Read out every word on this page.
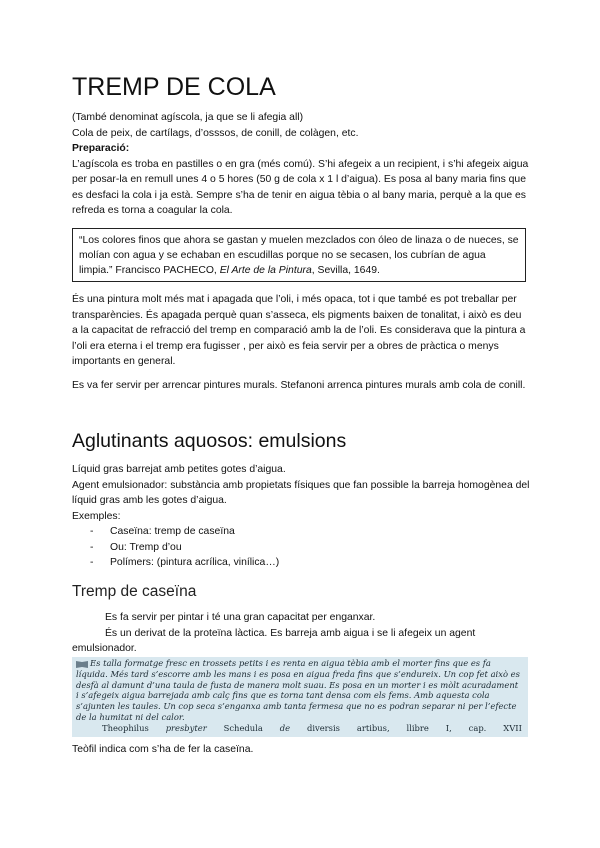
TREMP DE COLA

(També denominat agíscola, ja que se li afegia all)

Cola de peix, de cartílags, d’osssos, de conill, de colàgen, etc.

Preparació:

L’agíscola es troba en pastilles o en gra (més comú). S’hi afegeix a un recipient, i s’hi afegeix aigua per posar-la en remull unes 4 o 5 hores (50 g de cola x 1 l d’aigua). Es posa al bany maria fins que es desfaci la cola i ja està. Sempre s’ha de tenir en aigua tèbia o al bany maria, perquè a la que es refreda es torna a coagular la cola.

“Los colores finos que ahora se gastan y muelen mezclados con óleo de linaza o de nueces, se molían con agua y se echaban en escudillas porque no se secasen, los cubrían de agua limpia.” Francisco PACHECO, El Arte de la Pintura, Sevilla, 1649.

És una pintura molt més mat i apagada que l’oli, i més opaca, tot i que també es pot treballar per transparències. És apagada perquè quan s’asseca, els pigments baixen de tonalitat, i això es deu a la capacitat de refracció del tremp en comparació amb la de l’oli. Es considerava que la pintura a l’oli era eterna i el tremp era fugisser , per això es feia servir per a obres de pràctica o menys importants en general.

Es va fer servir per arrencar pintures murals. Stefanoni arrenca pintures murals amb cola de conill.

Aglutinants aquosos: emulsions

Líquid gras barrejat amb petites gotes d’aigua.

Agent emulsionador: substància amb propietats físiques que fan possible la barreja homogènea del líquid gras amb les gotes d’aigua.

Exemples:

- Caseïna: tremp de caseïna
- Ou: Tremp d’ou
- Polímers: (pintura acrílica, vinílica…)
Tremp de caseïna

Es fa servir per pintar i té una gran capacitat per enganxar.

És un derivat de la proteïna làctica. Es barreja amb aigua i se li afegeix un agent

emulsionador.

Es talla formatge fresc en trossets petits i es renta en aigua tèbia amb el morter fins que es fa líquida. Més tard s’escorre amb les mans i es posa en aigua freda fins que s’endureix. Un cop fet això es desfà al damunt d’una taula de fusta de manera molt suau. Es posa en un morter i es mòlt acuradament i s’afegeix aigua barrejada amb calç fins que es torna tant densa com els fems. Amb aquesta cola s’ajunten les taules. Un cop seca s’enganxa amb tanta fermesa que no es podran separar ni per l’efecte de la humitat ni del calor.
Theophilus presbyter Schedula de diversis artibus, llibre I, cap. XVII

Teòfil indica com s’ha de fer la caseïna.
